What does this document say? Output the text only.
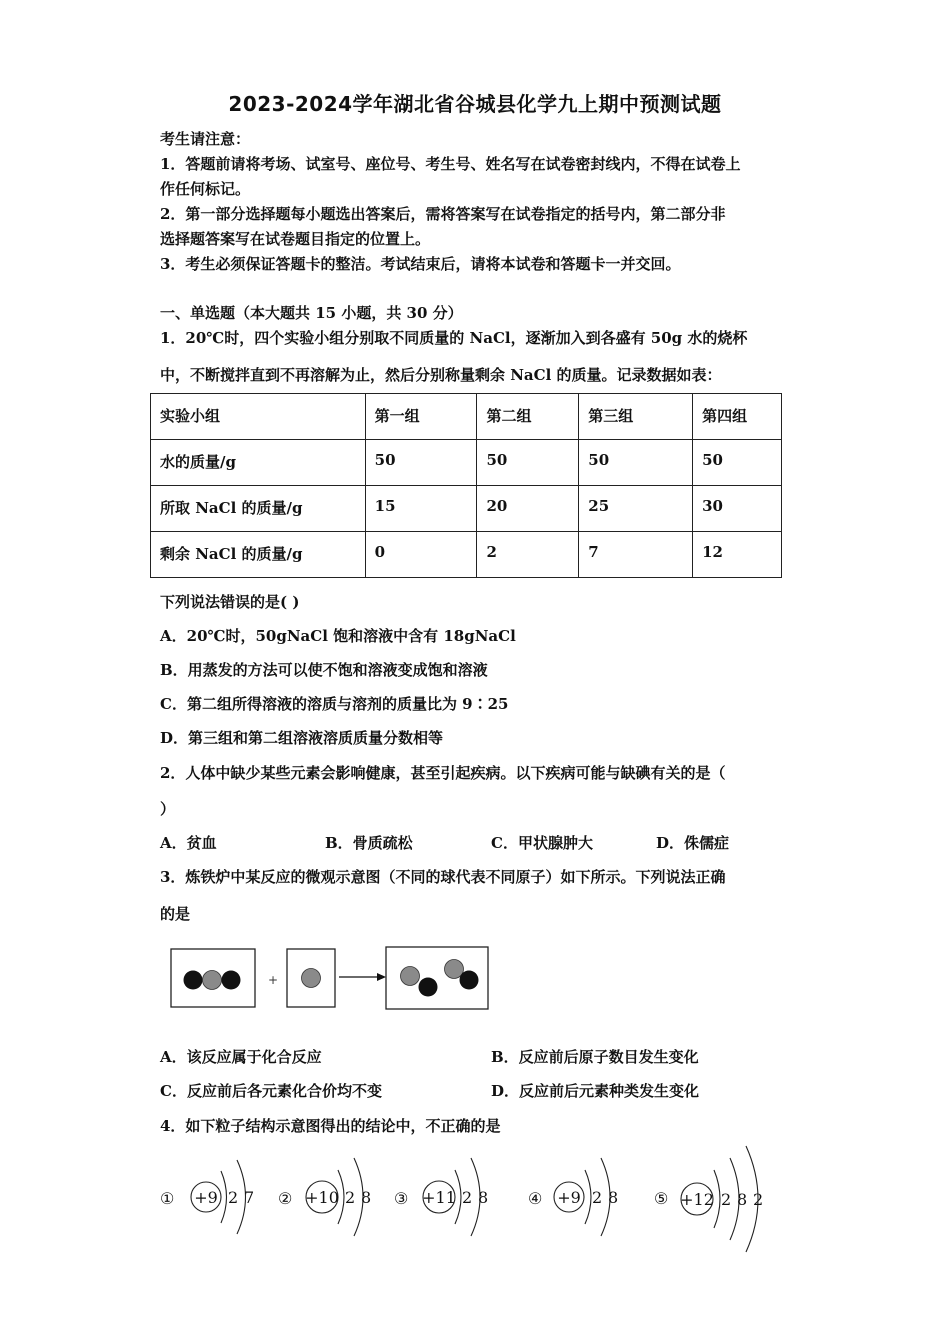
2023-2024学年湖北省谷城县化学九上期中预测试题
考生请注意：
1．答题前请将考场、试室号、座位号、考生号、姓名写在试卷密封线内，不得在试卷上
作任何标记。
2．第一部分选择题每小题选出答案后，需将答案写在试卷指定的括号内，第二部分非
选择题答案写在试卷题目指定的位置上。
3．考生必须保证答题卡的整洁。考试结束后，请将本试卷和答题卡一并交回。
一、单选题（本大题共 15 小题，共 30 分）
1．20℃时，四个实验小组分别取不同质量的 NaCl，逐渐加入到各盛有 50g 水的烧杯
中，不断搅拌直到不再溶解为止，然后分别称量剩余 NaCl 的质量。记录数据如表：
实验小组	第一组	第二组	第三组	第四组
水的质量/g	50	50	50	50
所取 NaCl 的质量/g	15	20	25	30
剩余 NaCl 的质量/g	0	2	7	12
下列说法错误的是( )
A．20℃时，50gNaCl 饱和溶液中含有 18gNaCl
B．用蒸发的方法可以使不饱和溶液变成饱和溶液
C．第二组所得溶液的溶质与溶剂的质量比为 9∶25
D．第三组和第二组溶液溶质质量分数相等
2．人体中缺少某些元素会影响健康，甚至引起疾病。以下疾病可能与缺碘有关的是（
）
A．贫血	B．骨质疏松	C．甲状腺肿大	D．侏儒症
3．炼铁炉中某反应的微观示意图（不同的球代表不同原子）如下所示。下列说法正确
的是
+
A．该反应属于化合反应	B．反应前后原子数目发生变化
C．反应前后各元素化合价均不变	D．反应前后元素种类发生变化
4．如下粒子结构示意图得出的结论中，不正确的是
① +9 2 7 ② +10 2 8 ③ +11 2 8 ④ +9 2 8 ⑤ +12 2 8 2
